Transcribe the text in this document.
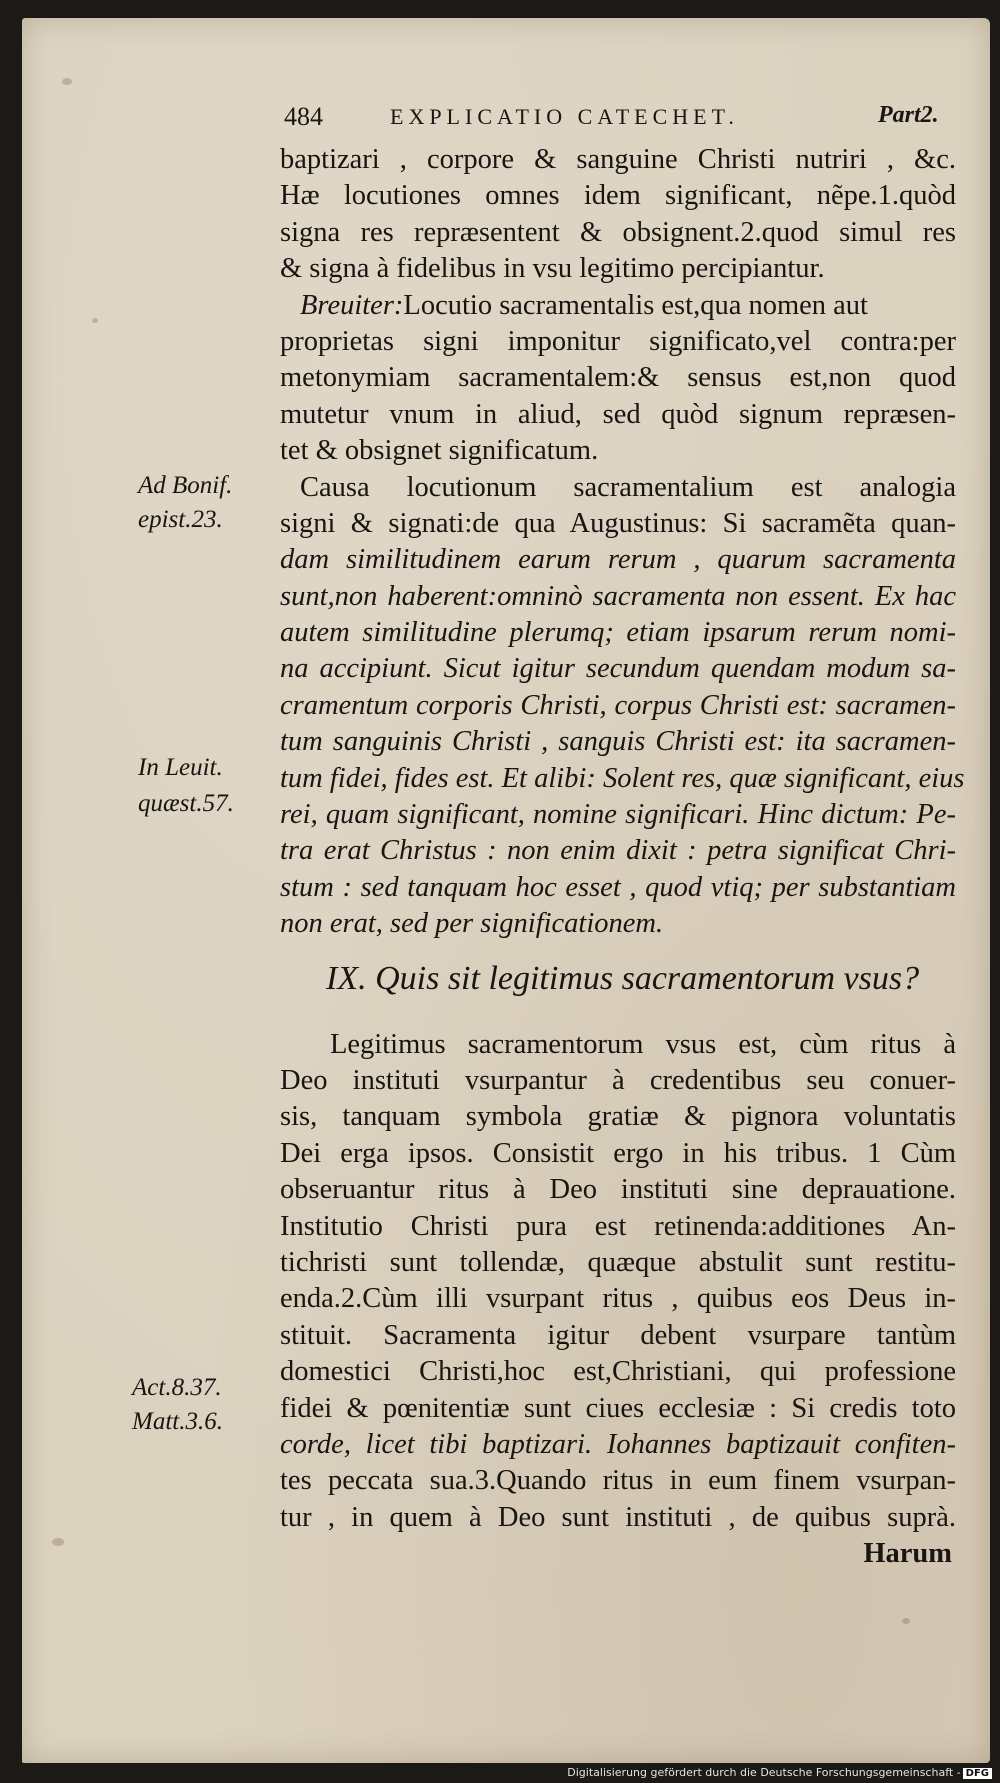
484	EXPLICATIO CATECHET.	Part2.
baptizari , corpore & sanguine Christi nutriri , &c.
Hæ locutiones omnes idem significant, nẽpe.1.quòd
signa res repræsentent & obsignent.2.quod simul res
& signa à fidelibus in vsu legitimo percipiantur.
Breuiter:Locutio sacramentalis est,qua nomen aut
proprietas signi imponitur significato,vel contra:per
metonymiam sacramentalem:& sensus est,non quod
mutetur vnum in aliud, sed quòd signum repræsen-
tet & obsignet significatum.
Causa locutionum sacramentalium est analogia
signi & signati:de qua Augustinus: Si sacramẽta quan-
dam similitudinem earum rerum , quarum sacramenta
sunt,non haberent:omninò sacramenta non essent. Ex hac
autem similitudine plerumq; etiam ipsarum rerum nomi-
na accipiunt. Sicut igitur secundum quendam modum sa-
cramentum corporis Christi, corpus Christi est: sacramen-
tum sanguinis Christi , sanguis Christi est: ita sacramen-
tum fidei, fides est. Et alibi: Solent res, quæ significant, eius
rei, quam significant, nomine significari. Hinc dictum: Pe-
tra erat Christus : non enim dixit : petra significat Chri-
stum : sed tanquam hoc esset , quod vtiq; per substantiam
non erat, sed per significationem.
IX. Quis sit legitimus sacramentorum vsus?
Legitimus sacramentorum vsus est, cùm ritus à
Deo instituti vsurpantur à credentibus seu conuer-
sis, tanquam symbola gratiæ & pignora voluntatis
Dei erga ipsos. Consistit ergo in his tribus. 1 Cùm
obseruantur ritus à Deo instituti sine deprauatione.
Institutio Christi pura est retinenda:additiones An-
tichristi sunt tollendæ, quæque abstulit sunt restitu-
enda.2.Cùm illi vsurpant ritus , quibus eos Deus in-
stituit. Sacramenta igitur debent vsurpare tantùm
domestici Christi,hoc est,Christiani, qui professione
fidei & pœnitentiæ sunt ciues ecclesiæ : Si credis toto
corde, licet tibi baptizari. Iohannes baptizauit confiten-
tes peccata sua.3.Quando ritus in eum finem vsurpan-
tur , in quem à Deo sunt instituti , de quibus suprà.
Harum
Ad Bonif.
epist.23.
In Leuit.
quæst.57.
Act.8.37.
Matt.3.6.
Digitalisierung gefördert durch die Deutsche Forschungsgemeinschaft - DFG
